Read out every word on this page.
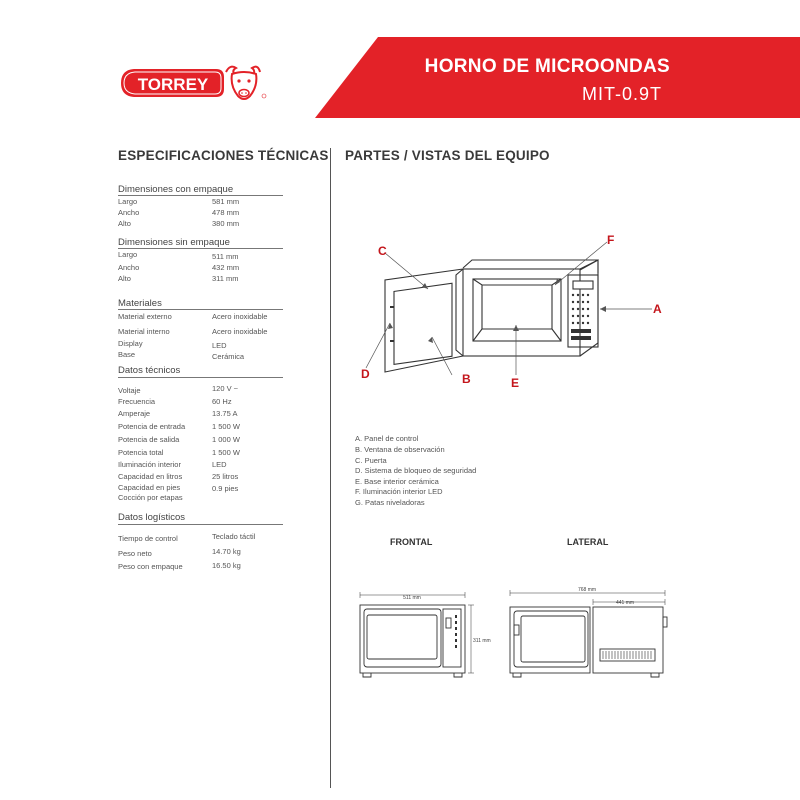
TORREY
HORNO DE MICROONDAS
MIT-0.9T
ESPECIFICACIONES TÉCNICAS PARTES / VISTAS DEL EQUIPO
Dimensiones con empaque
Largo	581 mm
Ancho	478 mm
Alto	380 mm
Dimensiones sin empaque
Largo	511 mm
Ancho	432 mm
Alto	311 mm
Materiales
Material externo	Acero inoxidable
Material interno	Acero inoxidable
Display	LED
Base	Cerámica
Datos técnicos
Voltaje	120 V ~
Frecuencia	60 Hz
Amperaje	13.75 A
Potencia de entrada	1 500 W
Potencia de salida	1 000 W
Potencia total	1 500 W
Iluminación interior	LED
Capacidad en litros	25 litros
Capacidad en pies	0.9 pies
Cocción por etapas
Datos logísticos
Tiempo de control	Teclado táctil
Peso neto	14.70 kg
Peso con empaque	16.50 kg
C
F
A
D	B	E
A. Panel de control
B. Ventana de observación
C. Puerta
D. Sistema de bloqueo de seguridad
E. Base interior cerámica
F. Iluminación interior LED
G. Patas niveladoras
FRONTAL	LATERAL
511 mm
311 mm
768 mm
441 mm
